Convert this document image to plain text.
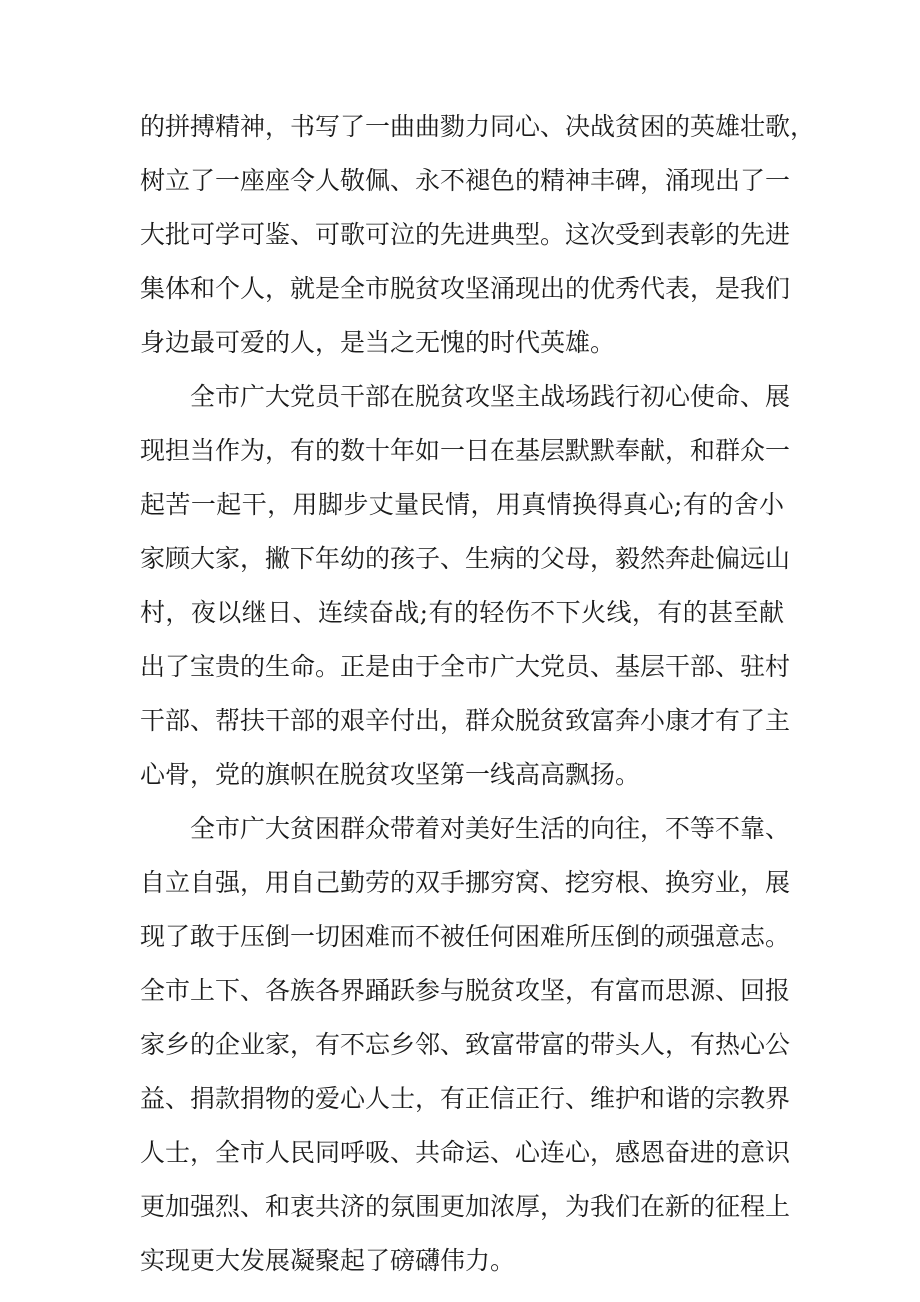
的拼搏精神，书写了一曲曲勠力同心、决战贫困的英雄壮歌，
树立了一座座令人敬佩、永不褪色的精神丰碑，涌现出了一
大批可学可鉴、可歌可泣的先进典型。这次受到表彰的先进
集体和个人，就是全市脱贫攻坚涌现出的优秀代表，是我们
身边最可爱的人，是当之无愧的时代英雄。
全市广大党员干部在脱贫攻坚主战场践行初心使命、展
现担当作为，有的数十年如一日在基层默默奉献，和群众一
起苦一起干，用脚步丈量民情，用真情换得真心;有的舍小
家顾大家，撇下年幼的孩子、生病的父母，毅然奔赴偏远山
村，夜以继日、连续奋战;有的轻伤不下火线，有的甚至献
出了宝贵的生命。正是由于全市广大党员、基层干部、驻村
干部、帮扶干部的艰辛付出，群众脱贫致富奔小康才有了主
心骨，党的旗帜在脱贫攻坚第一线高高飘扬。
全市广大贫困群众带着对美好生活的向往，不等不靠、
自立自强，用自己勤劳的双手挪穷窝、挖穷根、换穷业，展
现了敢于压倒一切困难而不被任何困难所压倒的顽强意志。
全市上下、各族各界踊跃参与脱贫攻坚，有富而思源、回报
家乡的企业家，有不忘乡邻、致富带富的带头人，有热心公
益、捐款捐物的爱心人士，有正信正行、维护和谐的宗教界
人士，全市人民同呼吸、共命运、心连心，感恩奋进的意识
更加强烈、和衷共济的氛围更加浓厚，为我们在新的征程上
实现更大发展凝聚起了磅礴伟力。
